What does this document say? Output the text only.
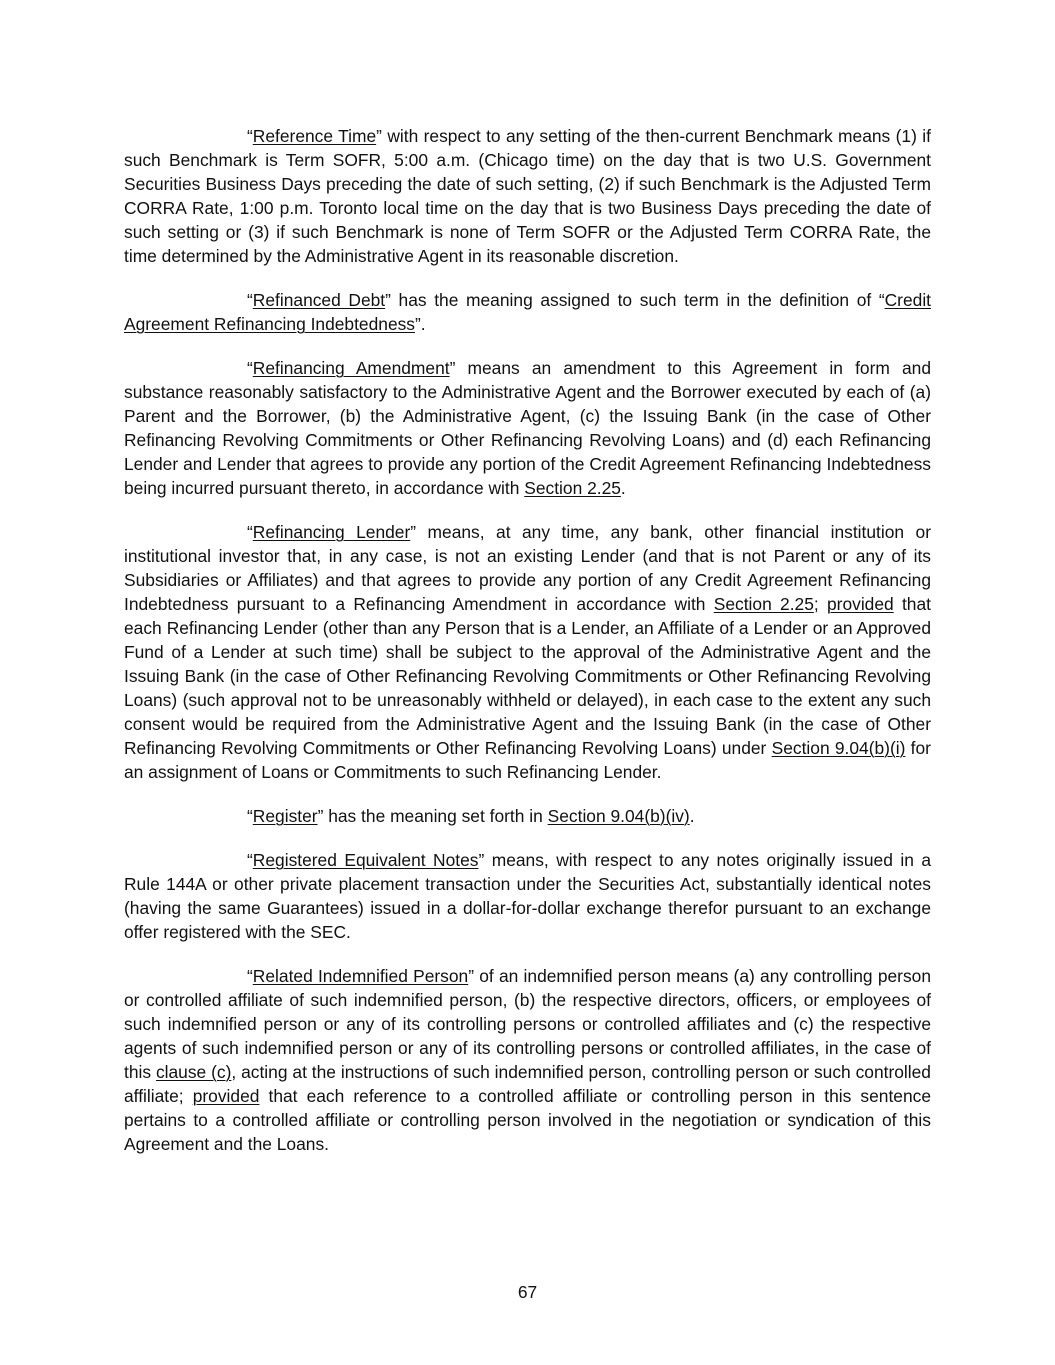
“Reference Time” with respect to any setting of the then-current Benchmark means (1) if such Benchmark is Term SOFR, 5:00 a.m. (Chicago time) on the day that is two U.S. Government Securities Business Days preceding the date of such setting, (2) if such Benchmark is the Adjusted Term CORRA Rate, 1:00 p.m. Toronto local time on the day that is two Business Days preceding the date of such setting or (3) if such Benchmark is none of Term SOFR or the Adjusted Term CORRA Rate, the time determined by the Administrative Agent in its reasonable discretion.

“Refinanced Debt” has the meaning assigned to such term in the definition of “Credit Agreement Refinancing Indebtedness”.

“Refinancing Amendment” means an amendment to this Agreement in form and substance reasonably satisfactory to the Administrative Agent and the Borrower executed by each of (a) Parent and the Borrower, (b) the Administrative Agent, (c) the Issuing Bank (in the case of Other Refinancing Revolving Commitments or Other Refinancing Revolving Loans) and (d) each Refinancing Lender and Lender that agrees to provide any portion of the Credit Agreement Refinancing Indebtedness being incurred pursuant thereto, in accordance with Section 2.25.

“Refinancing Lender” means, at any time, any bank, other financial institution or institutional investor that, in any case, is not an existing Lender (and that is not Parent or any of its Subsidiaries or Affiliates) and that agrees to provide any portion of any Credit Agreement Refinancing Indebtedness pursuant to a Refinancing Amendment in accordance with Section 2.25; provided that each Refinancing Lender (other than any Person that is a Lender, an Affiliate of a Lender or an Approved Fund of a Lender at such time) shall be subject to the approval of the Administrative Agent and the Issuing Bank (in the case of Other Refinancing Revolving Commitments or Other Refinancing Revolving Loans) (such approval not to be unreasonably withheld or delayed), in each case to the extent any such consent would be required from the Administrative Agent and the Issuing Bank (in the case of Other Refinancing Revolving Commitments or Other Refinancing Revolving Loans) under Section 9.04(b)(i) for an assignment of Loans or Commitments to such Refinancing Lender.

“Register” has the meaning set forth in Section 9.04(b)(iv).

“Registered Equivalent Notes” means, with respect to any notes originally issued in a Rule 144A or other private placement transaction under the Securities Act, substantially identical notes (having the same Guarantees) issued in a dollar-for-dollar exchange therefor pursuant to an exchange offer registered with the SEC.

“Related Indemnified Person” of an indemnified person means (a) any controlling person or controlled affiliate of such indemnified person, (b) the respective directors, officers, or employees of such indemnified person or any of its controlling persons or controlled affiliates and (c) the respective agents of such indemnified person or any of its controlling persons or controlled affiliates, in the case of this clause (c), acting at the instructions of such indemnified person, controlling person or such controlled affiliate; provided that each reference to a controlled affiliate or controlling person in this sentence pertains to a controlled affiliate or controlling person involved in the negotiation or syndication of this Agreement and the Loans.

67
